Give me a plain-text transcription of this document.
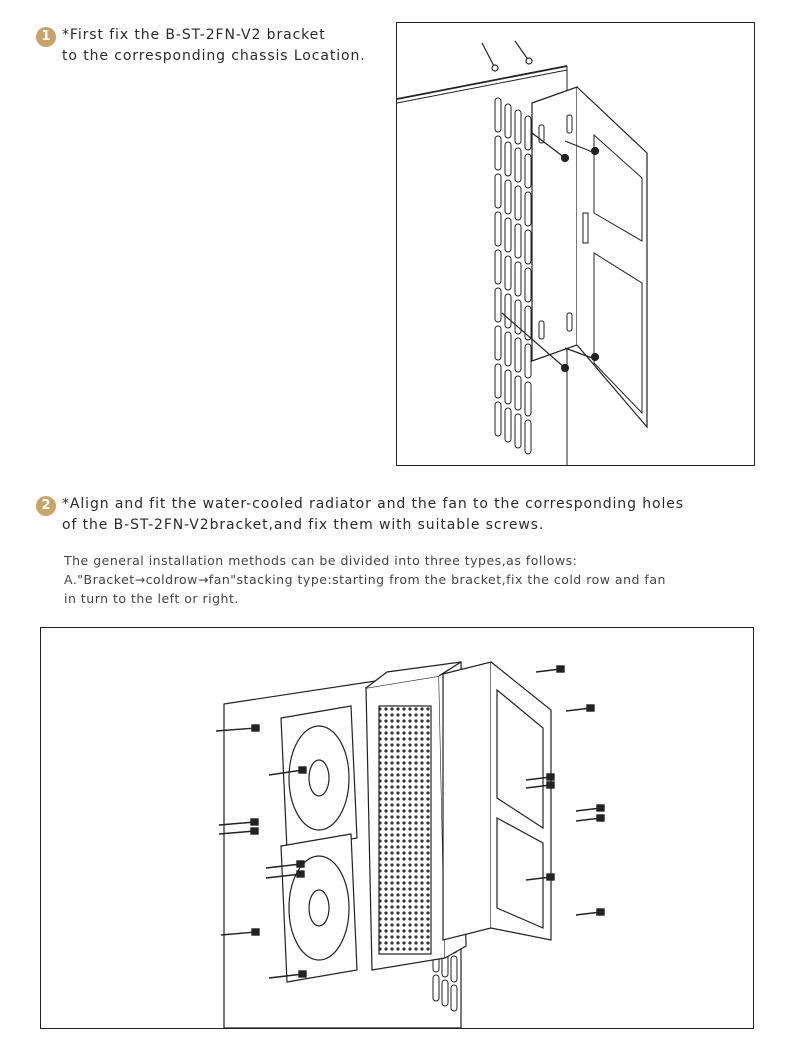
1 *First fix the B-ST-2FN-V2 bracket
to the corresponding chassis Location.
2 *Align and fit the water-cooled radiator and the fan to the corresponding holes
of the B-ST-2FN-V2bracket,and fix them with suitable screws.
The general installation methods can be divided into three types,as follows:
A."Bracket→coldrow→fan"stacking type:starting from the bracket,fix the cold row and fan
in turn to the left or right.
